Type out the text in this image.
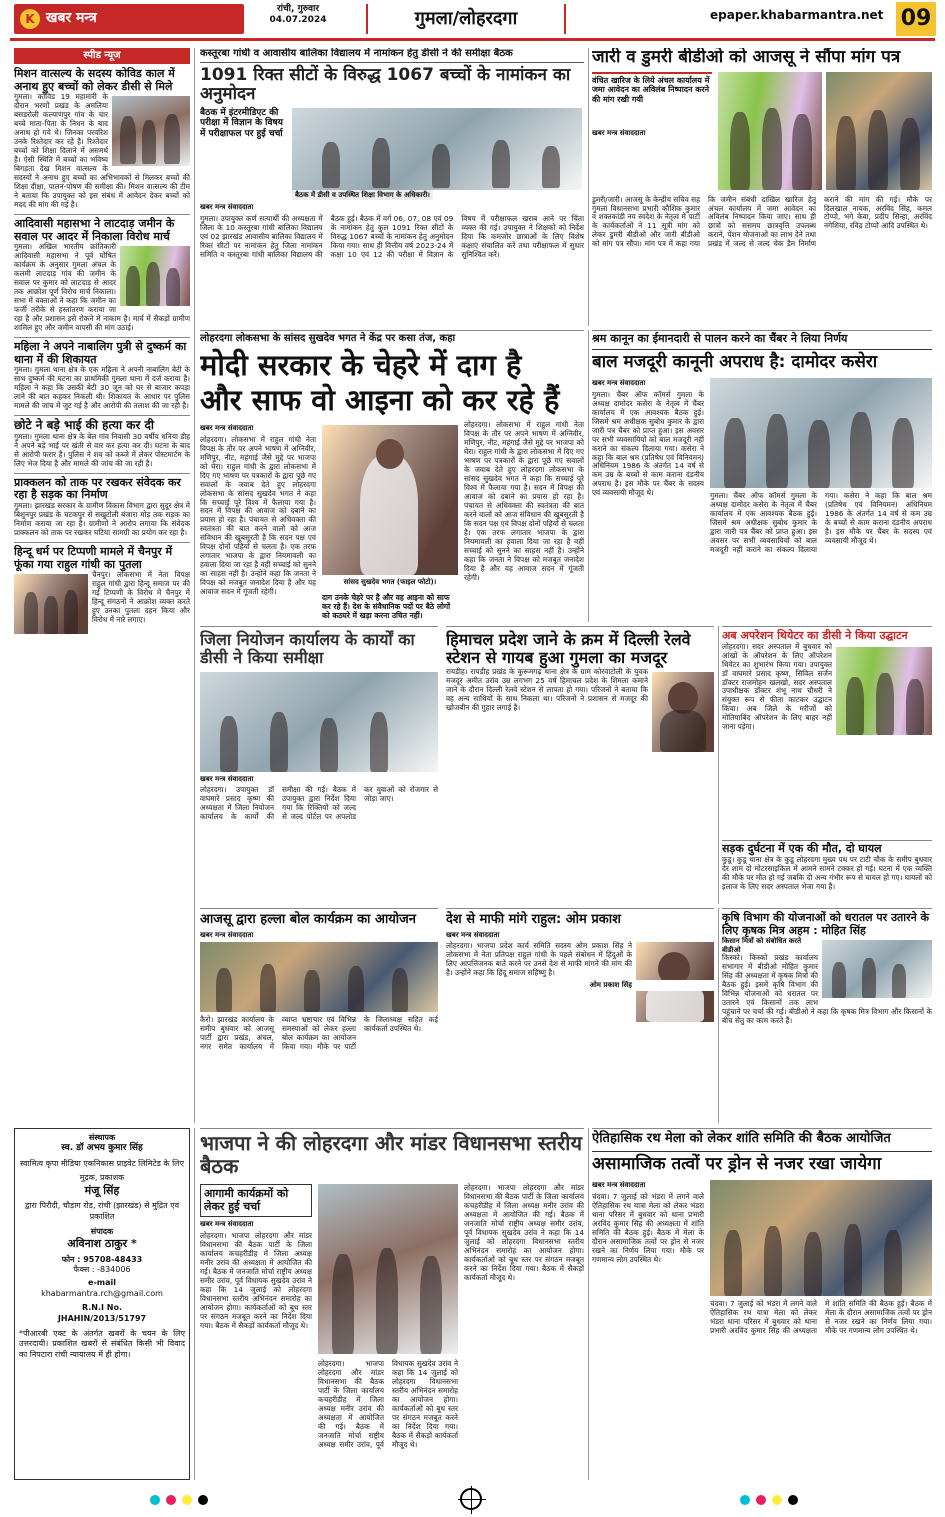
K खबर मन्त्र
रांची, गुरुवार
04.07.2024	गुमला/लोहरदगा	epaper.khabarmantra.net 09
स्पीड न्यूज
मिशन वात्सल्य के सदस्य कोविड काल में अनाथ हुए बच्चों को लेकर डीसी से मिले

गुमला। कोविड 19 महामारी के दौरान भरणों प्रखंड के अमलिया बसडरोली कल्याणपुर गांव के चार बच्चे माता-पिता के निधन के बाद अनाथ हो गये थे। जिनका परवरिश उनके रिश्तेदार कर रहे है। रिश्तेदार बच्चों को शिक्षा दिलाने में असमर्थ है। ऐसी स्थिति में बच्चों का भविष्य बिगड़ता देख मिशन वात्सल्य के सदस्यों ने अनाथ हुए बच्चों का अभिभावकों से मिलकर बच्चों की शिक्षा दीक्षा, पालन-पोषण की समीक्षा की। मिशन वात्सल्य की टीम ने बताया कि उपायुक्त को इस संबंध में आवेदन देकर बच्चों को मदद की मांग की गई है।

आदिवासी महासभा ने लाटदाड़ जमीन के सवाल पर आदर में निकाला विरोध मार्च

गुमला। अखिल भारतीय क्रांतिकारी आदिवासी महासभा ने पूर्व घोषित कार्यक्रम के अनुसार गुमला अंचल के कलमी लाटदाड़ गांव की जमीन के सवाल पर कुमार को लाटदाड़ से आदर तक आक्रोश पूर्ण विरोध मार्च निकाला। सभा में वक्ताओं ने कहा कि जमीन का फर्जी तरीके से हस्तांतरण कराया जा रहा है और प्रशासन इसे रोकने में नाकाम है। मार्च में सैकड़ों ग्रामीण शामिल हुए और जमीन वापसी की मांग उठाई।

महिला ने अपने नाबालिग पुत्री से दुष्कर्म का थाना में की शिकायत

गुमला। गुमला थाना क्षेत्र के एक महिला ने अपनी नाबालिग बेटी के साथ दुष्कर्म की घटना का प्राथमिकी गुमला थाना में दर्ज कराया है। महिला ने कहा कि उसकी बेटी 30 जून को घर से बाजार कपड़ा लाने की बात कहकर निकली थी। शिकायत के आधार पर पुलिस मामले की जांच में जुट गई है और आरोपी की तलाश की जा रही है।

छोटे ने बड़े भाई की हत्या कर दी

गुमला। गुमला थाना क्षेत्र के बेल गांव निवासी 30 वर्षीय धनिया डीह ने अपने बड़े भाई पर खंती से वार कर हत्या कर दी। घटना के बाद से आरोपी फरार है। पुलिस ने शव को कब्जे में लेकर पोस्टमार्टम के लिए भेज दिया है और मामले की जांच की जा रही है।

प्राक्कलन को ताक पर रखकर संवेदक कर रहा है सड़क का निर्माण

गुमला। झारखंड सरकार के ग्रामीण विकास विभाग द्वारा सुदूर क्षेत्र में बिशुनपुर प्रखंड के चटकपुर से सखुटोली बंजारा मोड़ तक सड़क का निर्माण कराया जा रहा है। ग्रामीणों ने आरोप लगाया कि संवेदक प्राक्कलन को ताक पर रखकर घटिया सामग्री का प्रयोग कर रहा है।

हिन्दू धर्म पर टिप्पणी मामले में चैनपुर में फूंका गया राहुल गांधी का पुतला

चैनपुर। लोकसभा में नेता विपक्ष राहुल गांधी द्वारा हिन्दू समाज पर की गई टिप्पणी के विरोध में चैनपुर में हिन्दू संगठनों ने आक्रोश व्यक्त करते हुए उनका पुतला दहन किया और विरोध में नारे लगाए।

कस्तूरबा गांधी व आवासीय बालिका विद्यालय में नामांकन हेतु डीसी ने की समीक्षा बैठक
1091 रिक्त सीटों के विरुद्ध 1067 बच्चों के नामांकन का अनुमोदन
बैठक में इंटरमीडिएट की परीक्षा में विज्ञान के विषय में परीक्षाफल पर हुई चर्चा
बैठक में डीसी व उपस्थित शिक्षा विभाग के अधिकारी।
खबर मन्त्र संवाददाता

गुमला। उपायुक्त कर्ण सत्यार्थी की अध्यक्षता में जिला के 10 कस्तूरबा गांधी बालिका विद्यालय एवं 02 झारखंड आवासीय बालिका विद्यालय में रिक्त सीटों पर नामांकन हेतु जिला नामांकन समिति व कस्तूरबा गांधी बालिका विद्यालय की बैठक हुई। बैठक में वर्ग 06, 07, 08 एवं 09 के नामांकन हेतु कुल 1091 रिक्त सीटों के विरुद्ध 1067 बच्चों के नामांकन हेतु अनुमोदन किया गया। साथ ही वित्तीय वर्ष 2023-24 में कक्षा 10 एवं 12 की परीक्षा में विज्ञान के विषय में परीक्षाफल खराब आने पर चिंता व्यक्त की गई। उपायुक्त ने शिक्षकों को निर्देश दिया कि कमजोर छात्राओं के लिए विशेष कक्षाएं संचालित करें तथा परीक्षाफल में सुधार सुनिश्चित करें।

जारी व डुमरी बीडीओ को आजसू ने सौंपा मांग पत्र
वंचित खारिज के लिये अंचल कार्यालय में जमा आवेदन का अविलंब निष्पादन करने की मांग रखी गयी
खबर मन्त्र संवाददाता

डुमरी/जारी। आजसू के केन्द्रीय सचिव सह गुमला विधानसभा प्रभारी कौशिक कुमार व शक्तकांडी नय स्वदेश के नेतृत्व में पार्टी के कार्यकर्ताओं ने 11 सूत्री मांग को लेकर डुमरी बीडीओ और जारी बीडीओ को मांग पत्र सौंपा। मांग पत्र में कहा गया कि जमीन संबंधी दाखिल खारिज हेतु अंचल कार्यालय में जमा आवेदन का अविलंब निष्पादन किया जाए। साथ ही छात्रों को ससमय छात्रवृत्ति उपलब्ध कराने, पेंशन योजनाओं का लाभ देने तथा प्रखंड में जल्द से जल्द चेक डैम निर्माण कराने की मांग की गई। मौके पर दिलखाल नायक, अरविंद सिंह, कमल टोप्पो, भगे केवा, प्रदीप सिन्हा, अरविंद नगेशिया, रविंद्र टोप्पो आदि उपस्थित थे।

लोहरदगा लोकसभा के सांसद सुखदेव भगत ने केंद्र पर कसा तंज, कहा
मोदी सरकार के चेहरे में दाग है
और साफ वो आइना को कर रहे हैं
खबर मन्त्र संवाददाता

लोहरदगा। लोकसभा में राहुल गांधी नेता विपक्ष के तौर पर अपने भाषण में अग्निवीर, मणिपुर, नीट, महंगाई जैसे मुद्दे पर भाजपा को घेरा। राहुल गांधी के द्वारा लोकसभा में दिए गए भाषण पर पत्रकारों के द्वारा पूछे गए सवालों के जवाब देते हुए लोहरदगा लोकसभा के सांसद सुखदेव भगत ने कहा कि सच्चाई पूरे विश्व में फैलाया गया है। सदन में विपक्ष की आवाज को दबाने का प्रयास हो रहा है। पंचायत से अधिवक्ता की स्वतंत्रता की बात करने वालों को आज संविधान की खूबसूरती है कि सदन पक्ष एवं विपक्ष दोनों पहियों से चलता है। एक तरफ लगातार भाजपा के द्वारा नियमावली का हवाला दिया जा रहा है वहीं सच्चाई को सुनने का साहस नहीं है। उन्होंने कहा कि जनता ने विपक्ष को मजबूत जनादेश दिया है और यह आवाज सदन में गूंजती रहेगी।

सांसद सुखदेव भगत (फाइल फोटो)।
दाग उनके चेहरे पर है और वह आइना को साफ कर रहे हैं। देश के संवैधानिक पदों पर बैठे लोगों को कठघरे में खड़ा करना उचित नहीं।

लोहरदगा। लोकसभा में राहुल गांधी नेता विपक्ष के तौर पर अपने भाषण में अग्निवीर, मणिपुर, नीट, महंगाई जैसे मुद्दे पर भाजपा को घेरा। राहुल गांधी के द्वारा लोकसभा में दिए गए भाषण पर पत्रकारों के द्वारा पूछे गए सवालों के जवाब देते हुए लोहरदगा लोकसभा के सांसद सुखदेव भगत ने कहा कि सच्चाई पूरे विश्व में फैलाया गया है। सदन में विपक्ष की आवाज को दबाने का प्रयास हो रहा है। पंचायत से अधिवक्ता की स्वतंत्रता की बात करने वालों को आज संविधान की खूबसूरती है कि सदन पक्ष एवं विपक्ष दोनों पहियों से चलता है। एक तरफ लगातार भाजपा के द्वारा नियमावली का हवाला दिया जा रहा है वहीं सच्चाई को सुनने का साहस नहीं है। उन्होंने कहा कि जनता ने विपक्ष को मजबूत जनादेश दिया है और यह आवाज सदन में गूंजती रहेगी।

श्रम कानून का ईमानदारी से पालन करने का चैंबर ने लिया निर्णय
बाल मजदूरी कानूनी अपराध है: दामोदर कसेरा
खबर मन्त्र संवाददाता

गुमला। चैंबर ऑफ कॉमर्स गुमला के अध्यक्ष दामोदर कसेरा के नेतृत्व में चैंबर कार्यालय में एक आवश्यक बैठक हुई। जिसमें श्रम अधीक्षक सुबोध कुमार के द्वारा जारी पत्र चैंबर को प्राप्त हुआ। इस अवसर पर सभी व्यवसायियों को बाल मजदूरी नहीं कराने का संकल्प दिलाया गया। कसेरा ने कहा कि बाल श्रम (प्रतिषेध एवं विनियमन) अधिनियम 1986 के अंतर्गत 14 वर्ष से कम उम्र के बच्चों से काम कराना दंडनीय अपराध है। इस मौके पर चैंबर के सदस्य एवं व्यवसायी मौजूद थे।	गुमला। चैंबर ऑफ कॉमर्स गुमला के अध्यक्ष दामोदर कसेरा के नेतृत्व में चैंबर कार्यालय में एक आवश्यक बैठक हुई। जिसमें श्रम अधीक्षक सुबोध कुमार के द्वारा जारी पत्र चैंबर को प्राप्त हुआ। इस अवसर पर सभी व्यवसायियों को बाल मजदूरी नहीं कराने का संकल्प दिलाया गया। कसेरा ने कहा कि बाल श्रम (प्रतिषेध एवं विनियमन) अधिनियम 1986 के अंतर्गत 14 वर्ष से कम उम्र के बच्चों से काम कराना दंडनीय अपराध है। इस मौके पर चैंबर के सदस्य एवं व्यवसायी मौजूद थे।

जिला नियोजन कार्यालय के कार्यों का डीसी ने किया समीक्षा
खबर मन्त्र संवाददाता

लोहरदगा। उपायुक्त डॉ वाघमारे प्रसाद कृष्ण की अध्यक्षता में जिला नियोजन कार्यालय के कार्यों की समीक्षा की गई। बैठक में उपायुक्त द्वारा निर्देश दिया गया कि रिक्तियों को जल्द से जल्द पोर्टल पर अपलोड कर युवाओं को रोजगार से जोड़ा जाए।

हिमाचल प्रदेश जाने के क्रम में दिल्ली रेलवे स्टेशन से गायब हुआ गुमला का मजदूर

रायडीह। रायडीह प्रखंड के कुरूमगढ़ थाना क्षेत्र के ग्राम कोरवाटोली के युवक मजदूर अमीत उरांव उम्र लगभग 25 वर्ष हिमाचल प्रदेश के शिमला कमाने जाने के दौरान दिल्ली रेलवे स्टेशन से लापता हो गया। परिजनों ने बताया कि वह अन्य साथियों के साथ निकला था। परिजनों ने प्रशासन से मजदूर की खोजबीन की गुहार लगाई है।

अब अपरेशन थियेटर का डीसी ने किया उद्घाटन

लोहरदगा। सदर अस्पताल में बुधवार को आंखों के ऑपरेशन के लिए ऑपरेशन थियेटर का शुभारंभ किया गया। उपायुक्त डॉ वाघमारे प्रसाद कृष्ण, सिविल सर्जन डॉक्टर राजमोहन खलखो, सदर अस्पताल उपाधीक्षक डॉक्टर शंभू नाथ चौधरी ने संयुक्त रूप से फीता काटकर उद्घाटन किया। अब जिले के मरीजों को मोतियाबिंद ऑपरेशन के लिए बाहर नहीं जाना पड़ेगा।

सड़क दुर्घटना में एक की मौत, दो घायल

कुडू। कुडू थाना क्षेत्र के कुडू लोहरदगा मुख्य पथ पर टाटी चौक के समीप बुधवार देर शाम दो मोटरसाइकिल में आमने सामने टक्कर हो गई। घटना में एक व्यक्ति की मौके पर मौत हो गई जबकि दो अन्य गंभीर रूप से घायल हो गए। घायलों को इलाज के लिए सदर अस्पताल भेजा गया है।

आजसू द्वारा हल्ला बोल कार्यक्रम का आयोजन
खबर मन्त्र संवाददाता

कैरो। झारखंड कार्यालय के समीप बुधवार को आजसू पार्टी द्वारा प्रखंड, अंचल, नगर समेत कार्यालय में व्याप्त भ्रष्टाचार एवं विभिन्न समस्याओं को लेकर हल्ला बोल कार्यक्रम का आयोजन किया गया। मौके पर पार्टी के जिलाध्यक्ष सहित कई कार्यकर्ता उपस्थित थे।

देश से माफी मांगे राहुल: ओम प्रकाश
खबर मन्त्र संवाददाता

लोहरदगा। भाजपा प्रदेश कार्य समिति सदस्य ओम प्रकाश सिंह ने लोकसभा में नेता प्रतिपक्ष राहुल गांधी के पहले संबोधन में हिंदुओं के लिए आपत्तिजनक बातें करने पर उनसे देश से माफी मांगने की मांग की है। उन्होंने कहा कि हिंदू समाज सहिष्णु है।

ओम प्रकाश सिंह
कृषि विभाग की योजनाओं को धरातल पर उतारने के लिए कृषक मित्र अहम : मोहित सिंह
किसान मित्रों को संबोधित करते बीडीओ

किस्को। किस्को प्रखंड कार्यालय सभागार में बीडीओ मोहित कुमार सिंह की अध्यक्षता में कृषक मित्रों की बैठक हुई। इसमें कृषि विभाग की विभिन्न योजनाओं को धरातल पर उतारने एवं किसानों तक लाभ पहुंचाने पर चर्चा की गई। बीडीओ ने कहा कि कृषक मित्र विभाग और किसानों के बीच सेतु का काम करते हैं।

संस्थापक
स्व. डॉ अभय कुमार सिंह
स्वामित्व कृपा मीडिया एकनिकास प्राइवेट लिमिटेड के लिए
मुद्रक, प्रकाशक
मंजू सिंह
द्वारा पिरौदी, चौड़ाग रोड, रांची (झारखंड) से मुद्रित एवं प्रकाशित
संपादक
अविनाश ठाकुर *
फोन : 95708-48433
फैक्स : -834006
e-mail
khabarmantra.rch@gmail.com
R.N.I No.
JHAHIN/2013/51797
*पीआरबी एक्ट के अंतर्गत खबरों के चयन के लिए उत्तरदायी। प्रकाशित खबरों से संबंधित किसी भी विवाद का निपटारा रांची न्यायालय में ही होगा।
भाजपा ने की लोहरदगा और मांडर विधानसभा स्तरीय बैठक
आगामी कार्यक्रमों को लेकर हुई चर्चा
खबर मन्त्र संवाददाता

लोहरदगा। भाजपा लोहरदगा और मांडर विधानसभा की बैठक पार्टी के जिला कार्यालय कचहरीडीह में जिला अध्यक्ष मनीर उरांव की अध्यक्षता में आयोजित की गई। बैठक में जनजाति मोर्चा राष्ट्रीय अध्यक्ष समीर उरांव, पूर्व विधायक सुखदेव उरांव ने कहा कि 14 जुलाई को लोहरदगा विधानसभा स्तरीय अभिनंदन समारोह का आयोजन होगा। कार्यकर्ताओं को बूथ स्तर पर संगठन मजबूत करने का निर्देश दिया गया। बैठक में सैकड़ों कार्यकर्ता मौजूद थे।

लोहरदगा। भाजपा लोहरदगा और मांडर विधानसभा की बैठक पार्टी के जिला कार्यालय कचहरीडीह में जिला अध्यक्ष मनीर उरांव की अध्यक्षता में आयोजित की गई। बैठक में जनजाति मोर्चा राष्ट्रीय अध्यक्ष समीर उरांव, पूर्व विधायक सुखदेव उरांव ने कहा कि 14 जुलाई को लोहरदगा विधानसभा स्तरीय अभिनंदन समारोह का आयोजन होगा। कार्यकर्ताओं को बूथ स्तर पर संगठन मजबूत करने का निर्देश दिया गया। बैठक में सैकड़ों कार्यकर्ता मौजूद थे।

लोहरदगा। भाजपा लोहरदगा और मांडर विधानसभा की बैठक पार्टी के जिला कार्यालय कचहरीडीह में जिला अध्यक्ष मनीर उरांव की अध्यक्षता में आयोजित की गई। बैठक में जनजाति मोर्चा राष्ट्रीय अध्यक्ष समीर उरांव, पूर्व विधायक सुखदेव उरांव ने कहा कि 14 जुलाई को लोहरदगा विधानसभा स्तरीय अभिनंदन समारोह का आयोजन होगा। कार्यकर्ताओं को बूथ स्तर पर संगठन मजबूत करने का निर्देश दिया गया। बैठक में सैकड़ों कार्यकर्ता मौजूद थे।

ऐतिहासिक रथ मेला को लेकर शांति समिति की बैठक आयोजित
असामाजिक तत्वों पर ड्रोन से नजर रखा जायेगा
खबर मन्त्र संवाददाता

चंदवा। 7 जुलाई को भंडरा में लगने वाले ऐतिहासिक रथ यात्रा मेला को लेकर भंडरा थाना परिसर में बुधवार को थाना प्रभारी अरविंद कुमार सिंह की अध्यक्षता में शांति समिति की बैठक हुई। बैठक में मेला के दौरान असामाजिक तत्वों पर ड्रोन से नजर रखने का निर्णय लिया गया। मौके पर गणमान्य लोग उपस्थित थे।

चंदवा। 7 जुलाई को भंडरा में लगने वाले ऐतिहासिक रथ यात्रा मेला को लेकर भंडरा थाना परिसर में बुधवार को थाना प्रभारी अरविंद कुमार सिंह की अध्यक्षता में शांति समिति की बैठक हुई। बैठक में मेला के दौरान असामाजिक तत्वों पर ड्रोन से नजर रखने का निर्णय लिया गया। मौके पर गणमान्य लोग उपस्थित थे।
